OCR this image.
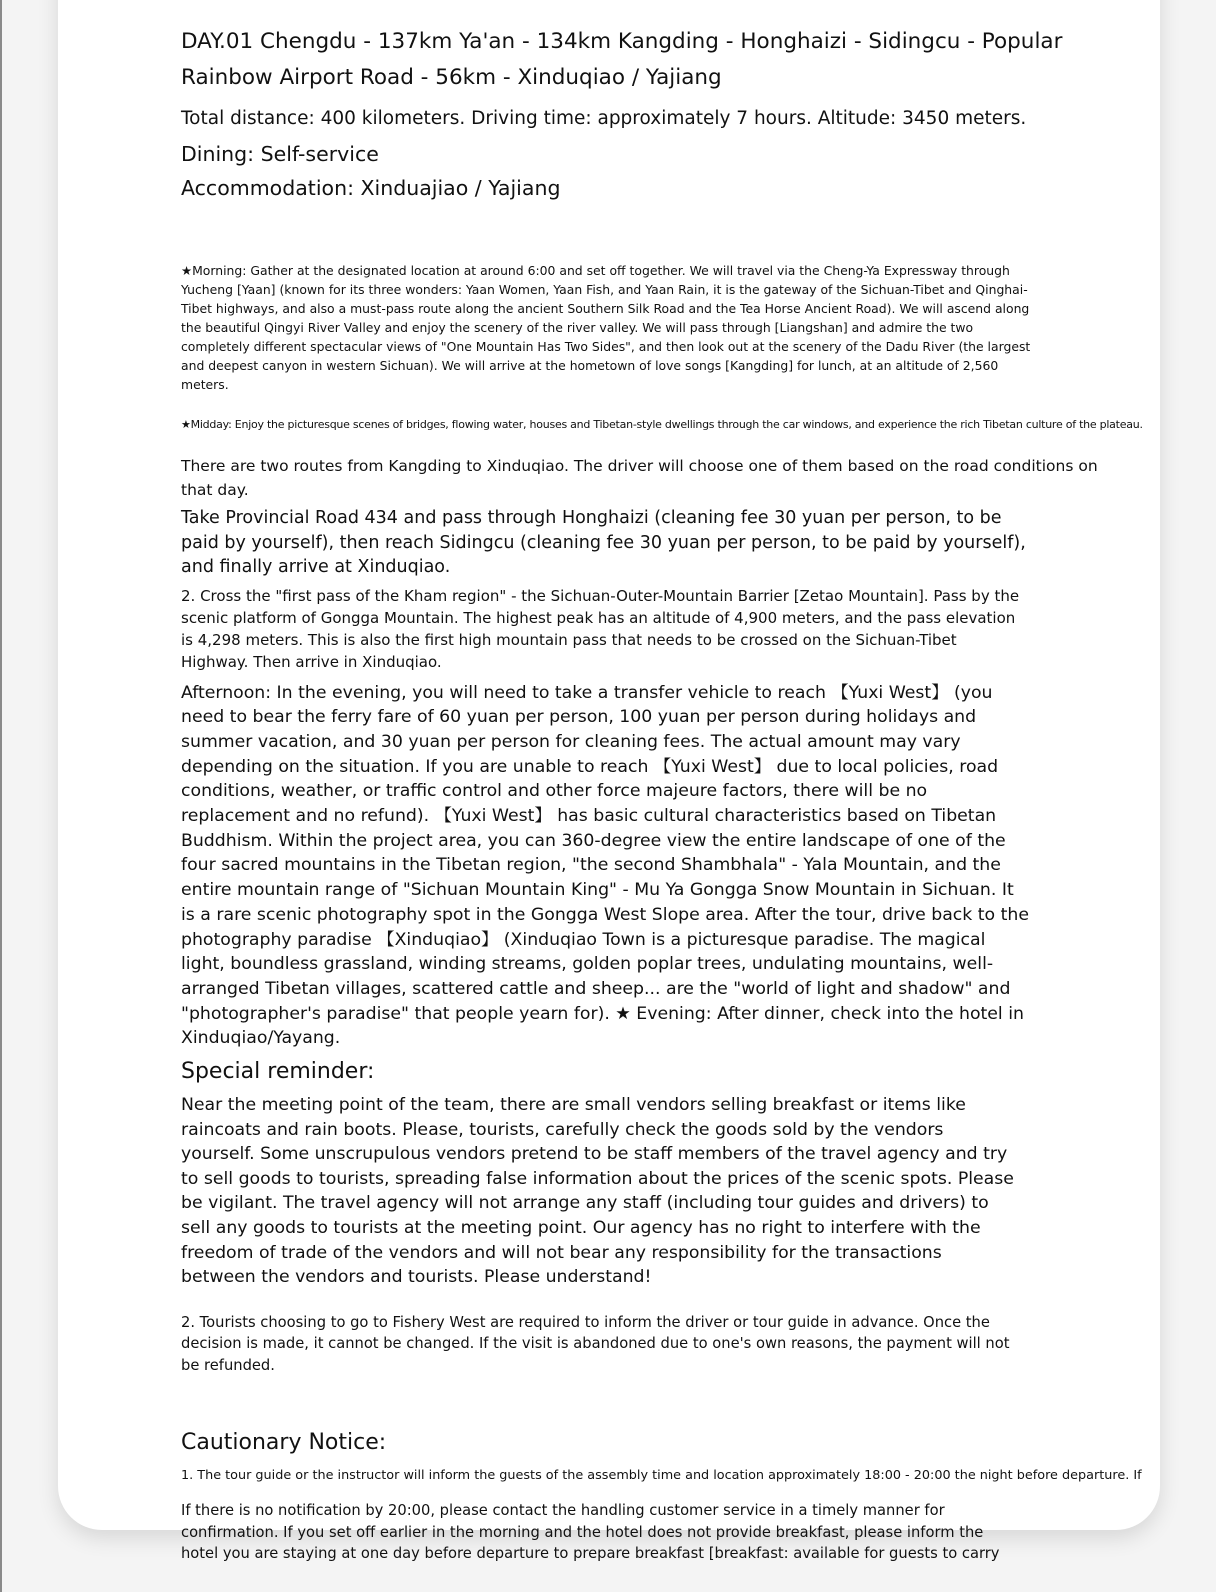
DAY.01 Chengdu - 137km Ya'an - 134km Kangding - Honghaizi - Sidingcu - Popular Rainbow Airport Road - 56km - Xinduqiao / Yajiang

Total distance: 400 kilometers. Driving time: approximately 7 hours. Altitude: 3450 meters.

Dining: Self-service

Accommodation: Xinduajiao / Yajiang

★Morning: Gather at the designated location at around 6:00 and set off together. We will travel via the Cheng-Ya Expressway through Yucheng [Yaan] (known for its three wonders: Yaan Women, Yaan Fish, and Yaan Rain, it is the gateway of the Sichuan-Tibet and Qinghai-Tibet highways, and also a must-pass route along the ancient Southern Silk Road and the Tea Horse Ancient Road). We will ascend along the beautiful Qingyi River Valley and enjoy the scenery of the river valley. We will pass through [Liangshan] and admire the two completely different spectacular views of "One Mountain Has Two Sides", and then look out at the scenery of the Dadu River (the largest and deepest canyon in western Sichuan). We will arrive at the hometown of love songs [Kangding] for lunch, at an altitude of 2,560 meters.

★Midday: Enjoy the picturesque scenes of bridges, flowing water, houses and Tibetan-style dwellings through the car windows, and experience the rich Tibetan culture of the plateau.

There are two routes from Kangding to Xinduqiao. The driver will choose one of them based on the road conditions on that day.

Take Provincial Road 434 and pass through Honghaizi (cleaning fee 30 yuan per person, to be paid by yourself), then reach Sidingcu (cleaning fee 30 yuan per person, to be paid by yourself), and finally arrive at Xinduqiao.

2. Cross the "first pass of the Kham region" - the Sichuan-Outer-Mountain Barrier [Zetao Mountain]. Pass by the scenic platform of Gongga Mountain. The highest peak has an altitude of 4,900 meters, and the pass elevation is 4,298 meters. This is also the first high mountain pass that needs to be crossed on the Sichuan-Tibet Highway. Then arrive in Xinduqiao.

Afternoon: In the evening, you will need to take a transfer vehicle to reach 【Yuxi West】 (you need to bear the ferry fare of 60 yuan per person, 100 yuan per person during holidays and summer vacation, and 30 yuan per person for cleaning fees. The actual amount may vary depending on the situation. If you are unable to reach 【Yuxi West】 due to local policies, road conditions, weather, or traffic control and other force majeure factors, there will be no replacement and no refund). 【Yuxi West】 has basic cultural characteristics based on Tibetan Buddhism. Within the project area, you can 360-degree view the entire landscape of one of the four sacred mountains in the Tibetan region, "the second Shambhala" - Yala Mountain, and the entire mountain range of "Sichuan Mountain King" - Mu Ya Gongga Snow Mountain in Sichuan. It is a rare scenic photography spot in the Gongga West Slope area. After the tour, drive back to the photography paradise 【Xinduqiao】 (Xinduqiao Town is a picturesque paradise. The magical light, boundless grassland, winding streams, golden poplar trees, undulating mountains, well-arranged Tibetan villages, scattered cattle and sheep... are the "world of light and shadow" and "photographer's paradise" that people yearn for). ★ Evening: After dinner, check into the hotel in Xinduqiao/Yayang.

Special reminder:

Near the meeting point of the team, there are small vendors selling breakfast or items like raincoats and rain boots. Please, tourists, carefully check the goods sold by the vendors yourself. Some unscrupulous vendors pretend to be staff members of the travel agency and try to sell goods to tourists, spreading false information about the prices of the scenic spots. Please be vigilant. The travel agency will not arrange any staff (including tour guides and drivers) to sell any goods to tourists at the meeting point. Our agency has no right to interfere with the freedom of trade of the vendors and will not bear any responsibility for the transactions between the vendors and tourists. Please understand!

2. Tourists choosing to go to Fishery West are required to inform the driver or tour guide in advance. Once the decision is made, it cannot be changed. If the visit is abandoned due to one's own reasons, the payment will not be refunded.

Cautionary Notice:

1. The tour guide or the instructor will inform the guests of the assembly time and location approximately 18:00 - 20:00 the night before departure. If

If there is no notification by 20:00, please contact the handling customer service in a timely manner for confirmation. If you set off earlier in the morning and the hotel does not provide breakfast, please inform the hotel you are staying at one day before departure to prepare breakfast [breakfast: available for guests to carry
